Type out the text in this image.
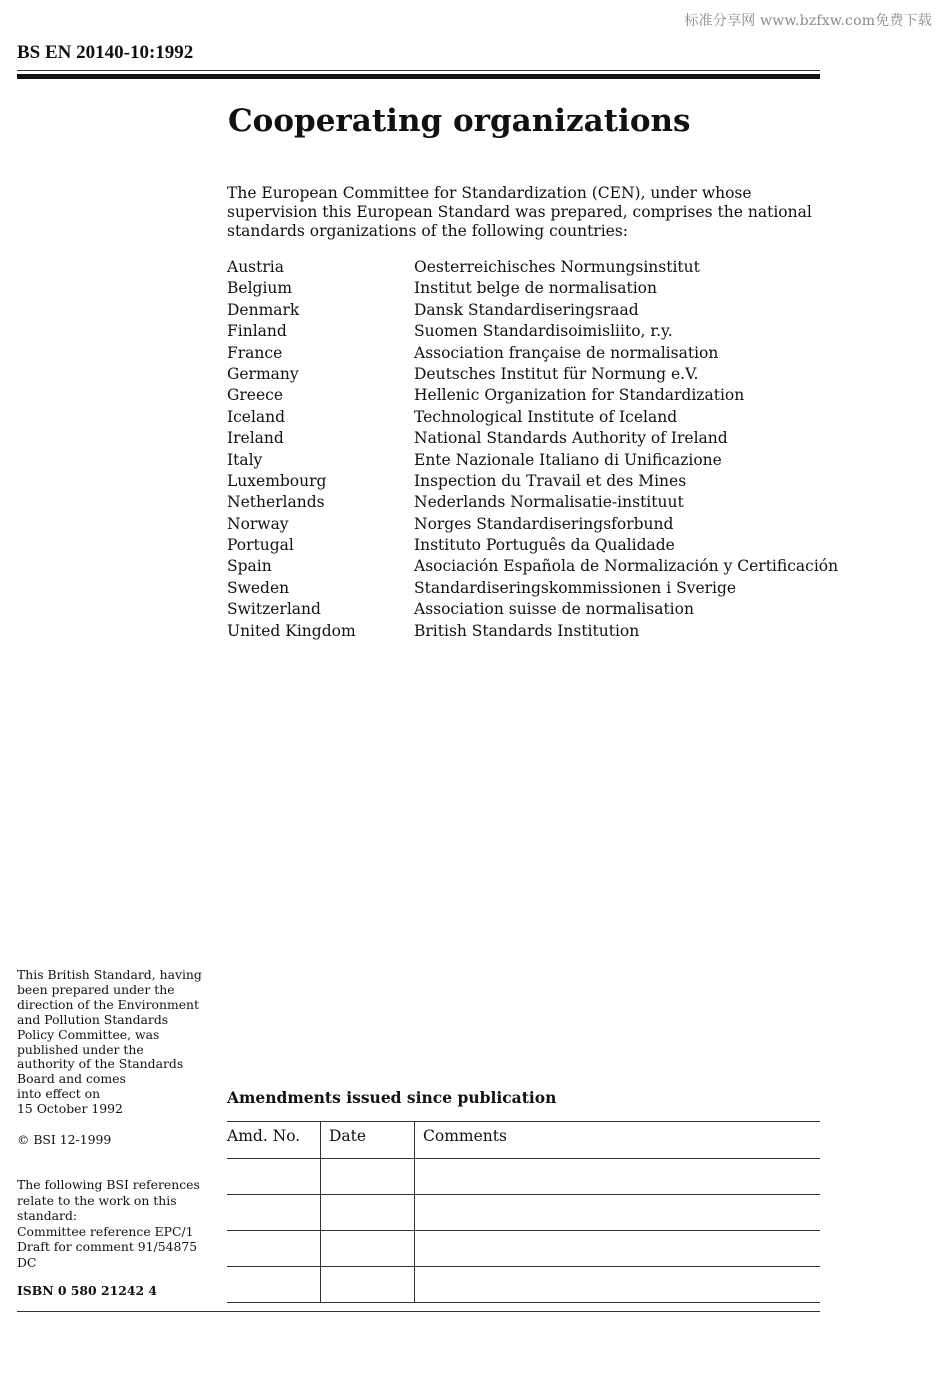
标准分享网 www.bzfxw.com免费下载
BS EN 20140-10:1992
Cooperating organizations
The European Committee for Standardization (CEN), under whose supervision this European Standard was prepared, comprises the national standards organizations of the following countries:
Austria	Oesterreichisches Normungsinstitut
Belgium	Institut belge de normalisation
Denmark	Dansk Standardiseringsraad
Finland	Suomen Standardisoimisliito, r.y.
France	Association française de normalisation
Germany	Deutsches Institut für Normung e.V.
Greece	Hellenic Organization for Standardization
Iceland	Technological Institute of Iceland
Ireland	National Standards Authority of Ireland
Italy	Ente Nazionale Italiano di Unificazione
Luxembourg	Inspection du Travail et des Mines
Netherlands	Nederlands Normalisatie-instituut
Norway	Norges Standardiseringsforbund
Portugal	Instituto Português da Qualidade
Spain	Asociación Española de Normalización y Certificación
Sweden	Standardiseringskommissionen i Sverige
Switzerland	Association suisse de normalisation
United Kingdom	British Standards Institution
This British Standard, having
been prepared under the
direction of the Environment
and Pollution Standards
Policy Committee, was
published under the
authority of the Standards
Board and comes
into effect on
15 October 1992
© BSI 12-1999
The following BSI references
relate to the work on this
standard:
Committee reference EPC/1
Draft for comment 91/54875 DC
ISBN 0 580 21242 4
Amendments issued since publication
Amd. No.	Date	Comments
